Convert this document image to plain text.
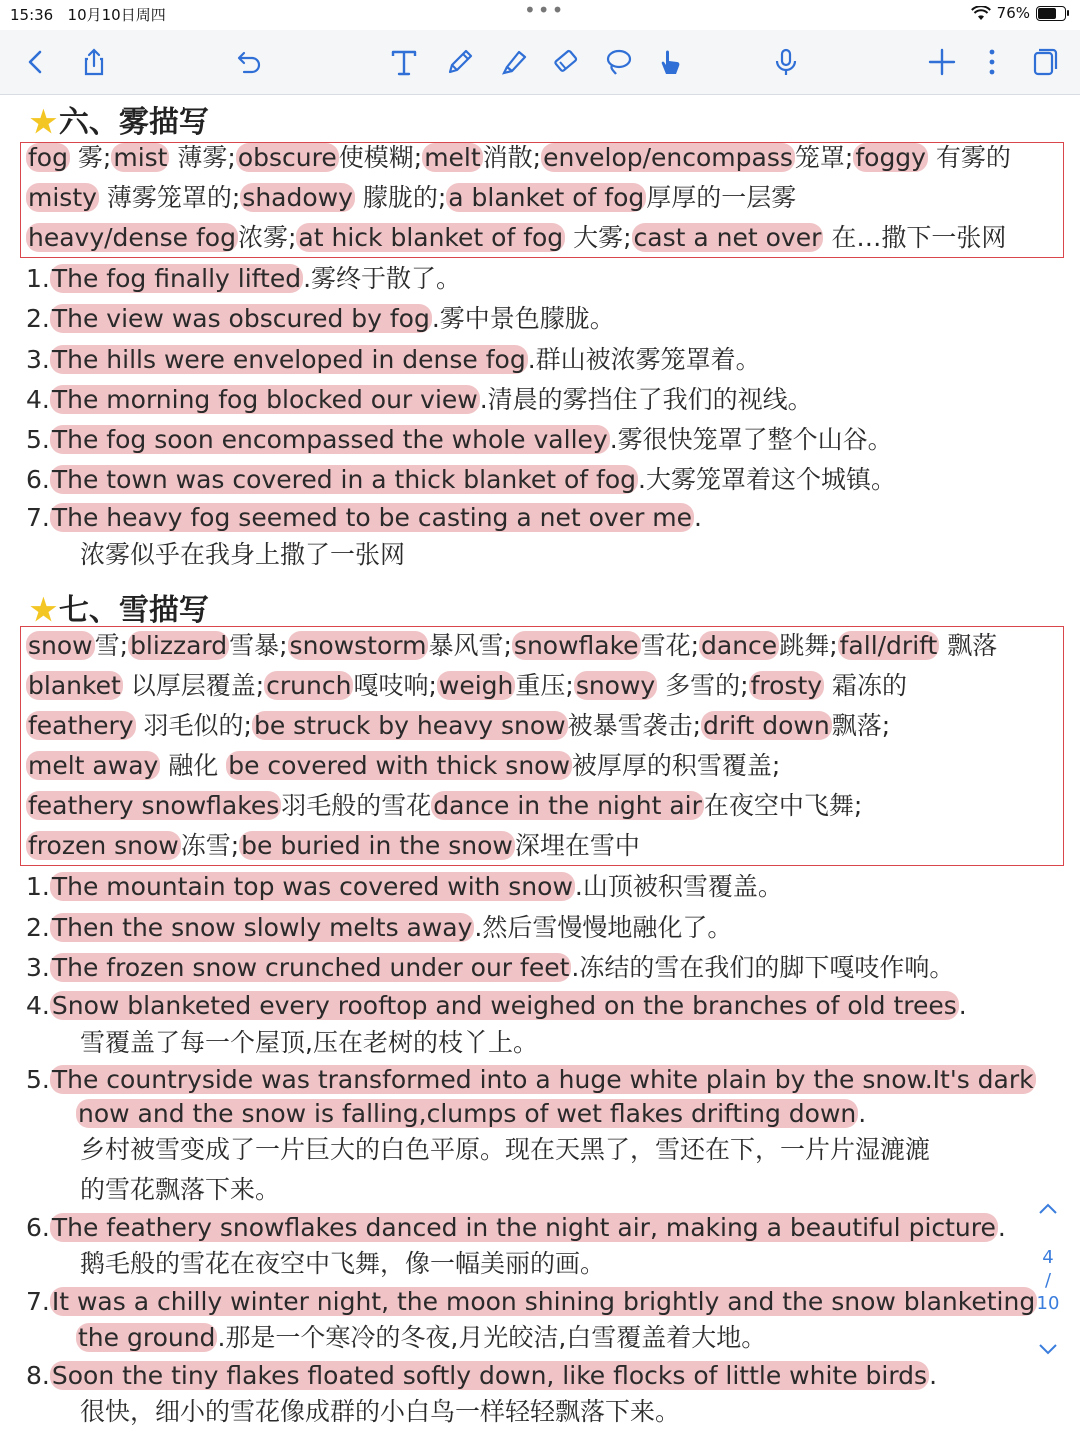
15:36 10月10日周四	•••	76%
★六、雾描写
fog 雾;mist 薄雾;obscure使模糊;melt消散;envelop/encompass笼罩;foggy 有雾的
misty 薄雾笼罩的;shadowy 朦胧的;a blanket of fog厚厚的一层雾
heavy/dense fog浓雾;at hick blanket of fog 大雾;cast a net over 在…撒下一张网
1.The fog finally lifted.雾终于散了。
2.The view was obscured by fog.雾中景色朦胧。
3.The hills were enveloped in dense fog.群山被浓雾笼罩着。
4.The morning fog blocked our view.清晨的雾挡住了我们的视线。
5.The fog soon encompassed the whole valley.雾很快笼罩了整个山谷。
6.The town was covered in a thick blanket of fog.大雾笼罩着这个城镇。
7.The heavy fog seemed to be casting a net over me.
浓雾似乎在我身上撒了一张网
★七、雪描写
snow雪;blizzard雪暴;snowstorm暴风雪;snowflake雪花;dance跳舞;fall/drift 飘落
blanket 以厚层覆盖;crunch嘎吱响;weigh重压;snowy 多雪的;frosty 霜冻的
feathery 羽毛似的;be struck by heavy snow被暴雪袭击;drift down飘落;
melt away 融化 be covered with thick snow被厚厚的积雪覆盖;
feathery snowflakes羽毛般的雪花dance in the night air在夜空中飞舞;
frozen snow冻雪;be buried in the snow深埋在雪中
1.The mountain top was covered with snow.山顶被积雪覆盖。
2.Then the snow slowly melts away.然后雪慢慢地融化了。
3.The frozen snow crunched under our feet.冻结的雪在我们的脚下嘎吱作响。
4.Snow blanketed every rooftop and weighed on the branches of old trees.
雪覆盖了每一个屋顶,压在老树的枝丫上。
5.The countryside was transformed into a huge white plain by the snow.It's dark
now and the snow is falling,clumps of wet flakes drifting down.
乡村被雪变成了一片巨大的白色平原。现在天黑了，雪还在下，一片片湿漉漉
的雪花飘落下来。
6.The feathery snowflakes danced in the night air, making a beautiful picture.
鹅毛般的雪花在夜空中飞舞，像一幅美丽的画。
7.It was a chilly winter night, the moon shining brightly and the snow blanketing
the ground.那是一个寒冷的冬夜,月光皎洁,白雪覆盖着大地。
8.Soon the tiny flakes floated softly down, like flocks of little white birds.
很快，细小的雪花像成群的小白鸟一样轻轻飘落下来。
4
/
10
